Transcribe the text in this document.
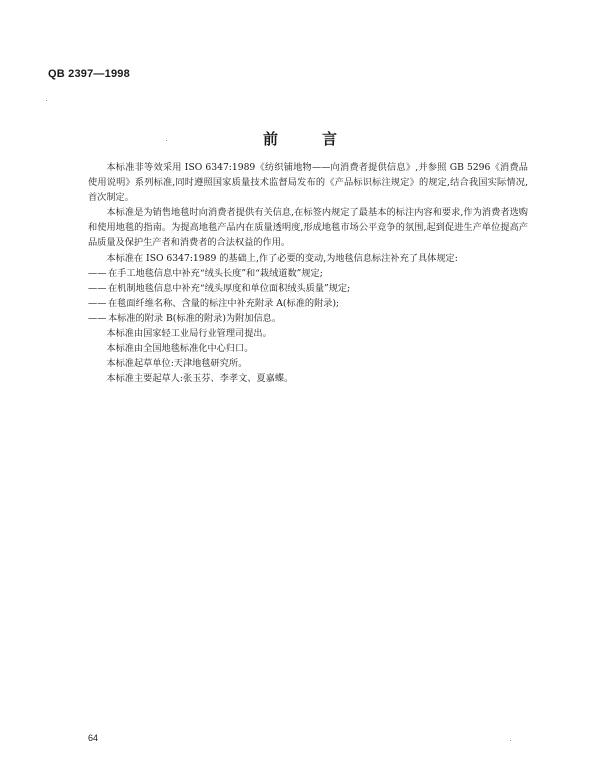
QB 2397—1998
前	言

本标准非等效采用 ISO 6347:1989《纺织铺地物——向消费者提供信息》,并参照 GB 5296《消费品使用说明》系列标准,同时遵照国家质量技术监督局发布的《产品标识标注规定》的规定,结合我国实际情况,首次制定。

本标准是为销售地毯时向消费者提供有关信息,在标签内规定了最基本的标注内容和要求,作为消费者选购和使用地毯的指南。为提高地毯产品内在质量透明度,形成地毯市场公平竞争的氛围,起到促进生产单位提高产品质量及保护生产者和消费者的合法权益的作用。

本标准在 ISO 6347:1989 的基础上,作了必要的变动,为地毯信息标注补充了具体规定:

—— 在手工地毯信息中补充“绒头长度”和“栽绒道数”规定;

—— 在机制地毯信息中补充“绒头厚度和单位面积绒头质量”规定;

—— 在毯面纤维名称、含量的标注中补充附录 A(标准的附录);

—— 本标准的附录 B(标准的附录)为附加信息。

本标准由国家轻工业局行业管理司提出。

本标准由全国地毯标准化中心归口。

本标准起草单位:天津地毯研究所。

本标准主要起草人:张玉芬、李孝文、夏嘉蝶。

64
